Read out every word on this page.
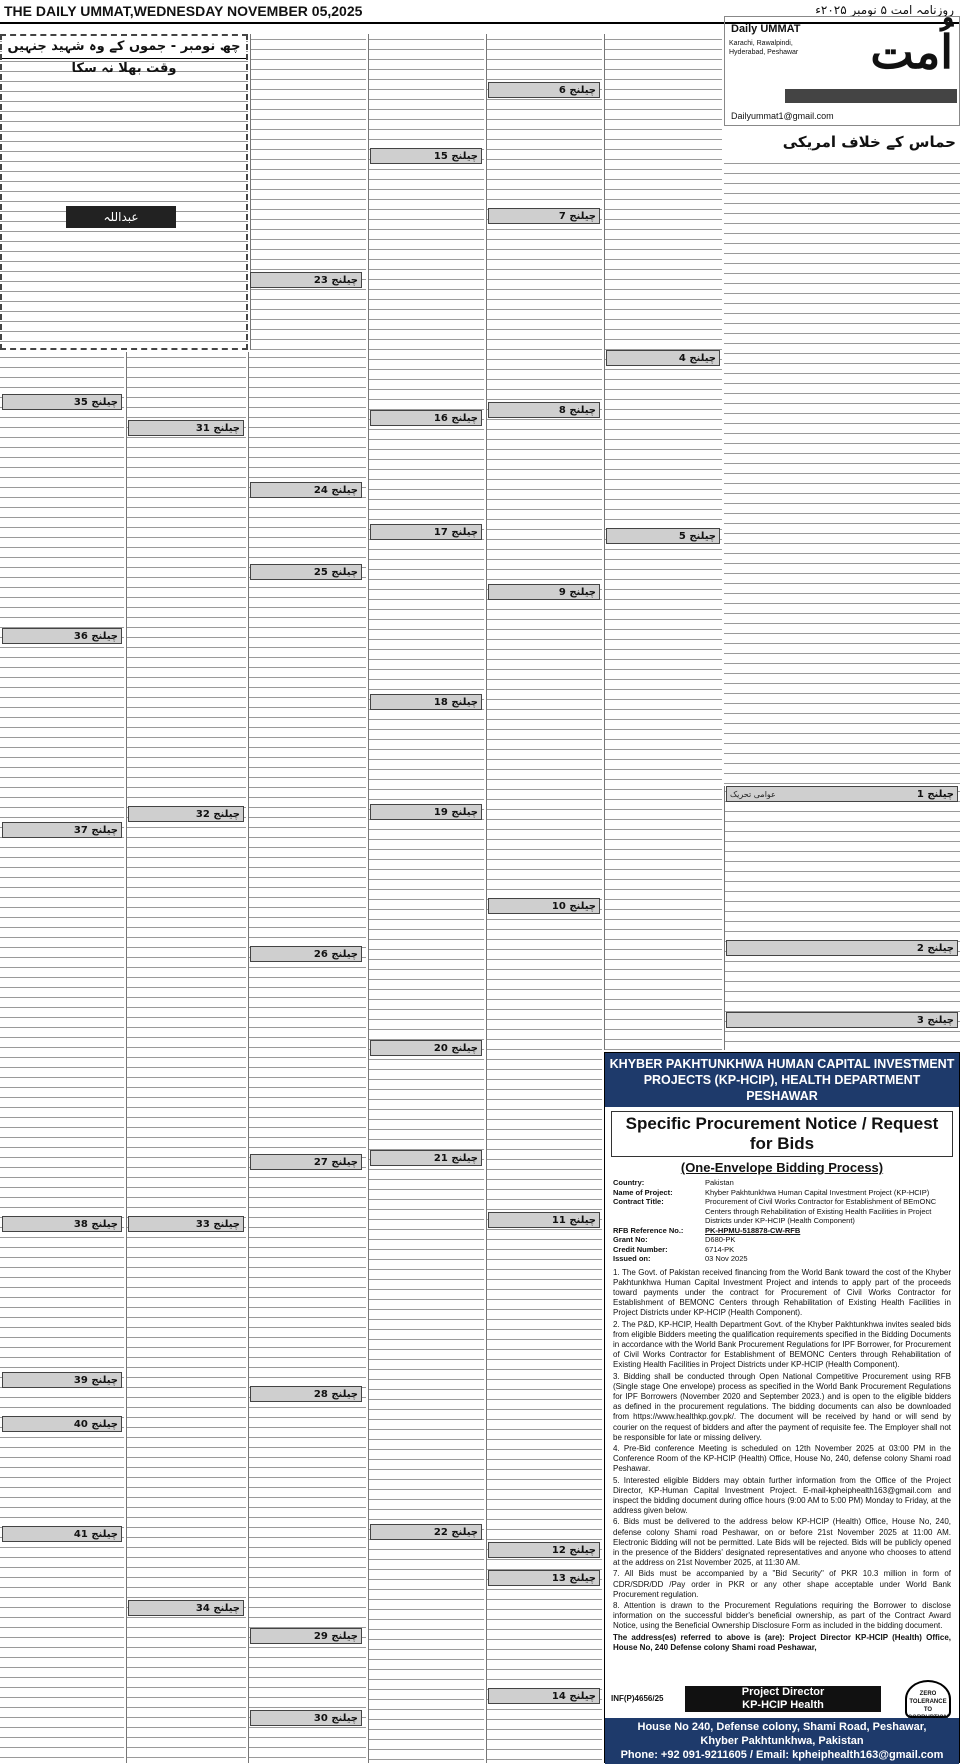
THE DAILY UMMAT,WEDNESDAY NOVEMBER 05,2025	روزنامہ امت ۵ نومبر ۲۰۲۵ء
Daily UMMAT
Karachi, Rawalpindi, Hyderabad, Peshawar اُمت
Dailyummat1@gmail.com
حماس کے خلاف امریکی
چھ نومبر - جموں کے وہ شہید جنہیں وقت بھلا نہ سکا
عبداللہ
چیلنج 1
عوامی تحریک
چیلنج 2
چیلنج 3
چیلنج 4
چیلنج 5
چیلنج 6
چیلنج 7
چیلنج 8
چیلنج 9
چیلنج 10
چیلنج 11
چیلنج 12
چیلنج 13
چیلنج 14
چیلنج 15
چیلنج 16
چیلنج 17
چیلنج 18
چیلنج 19
چیلنج 20
چیلنج 21
چیلنج 22
چیلنج 23
چیلنج 24
چیلنج 25
چیلنج 26
چیلنج 27
چیلنج 28
چیلنج 29
چیلنج 30
چیلنج 31
چیلنج 32
چیلنج 33
چیلنج 34
چیلنج 35
چیلنج 36
چیلنج 37
چیلنج 38
چیلنج 39
چیلنج 40
چیلنج 41
KHYBER PAKHTUNKHWA HUMAN CAPITAL INVESTMENT PROJECTS (KP-HCIP), HEALTH DEPARTMENT PESHAWAR
Specific Procurement Notice / Request for Bids
(One-Envelope Bidding Process)
Country:	Pakistan
Name of Project:	Khyber Pakhtunkhwa Human Capital Investment Project (KP-HCIP)
Contract Title:	Procurement of Civil Works Contractor for Establishment of BEmONC Centers through Rehabilitation of Existing Health Facilities in Project Districts under KP-HCIP (Health Component)
RFB Reference No.:	PK-HPMU-518878-CW-RFB
Grant No:	D680-PK
Credit Number:	6714-PK
Issued on:	03 Nov 2025

1. The Govt. of Pakistan received financing from the World Bank toward the cost of the Khyber Pakhtunkhwa Human Capital Investment Project and intends to apply part of the proceeds toward payments under the contract for Procurement of Civil Works Contractor for Establishment of BEMONC Centers through Rehabilitation of Existing Health Facilities in Project Districts under KP-HCIP (Health Component).

2. The P&D, KP-HCIP, Health Department Govt. of the Khyber Pakhtunkhwa invites sealed bids from eligible Bidders meeting the qualification requirements specified in the Bidding Documents in accordance with the World Bank Procurement Regulations for IPF Borrower, for Procurement of Civil Works Contractor for Establishment of BEMONC Centers through Rehabilitation of Existing Health Facilities in Project Districts under KP-HCIP (Health Component).

3. Bidding shall be conducted through Open National Competitive Procurement using RFB (Single stage One envelope) process as specified in the World Bank Procurement Regulations for IPF Borrowers (November 2020 and September 2023.) and is open to the eligible bidders as defined in the procurement regulations. The bidding documents can also be downloaded from https://www.healthkp.gov.pk/. The document will be received by hand or will send by courier on the request of bidders and after the payment of requisite fee. The Employer shall not be responsible for late or missing delivery.

4. Pre-Bid conference Meeting is scheduled on 12th November 2025 at 03:00 PM in the Conference Room of the KP-HCIP (Health) Office, House No, 240, defense colony Shami road Peshawar.

5. Interested eligible Bidders may obtain further information from the Office of the Project Director, KP-Human Capital Investment Project. E-mail-kpheiphealth163@gmail.com and inspect the bidding document during office hours (9:00 AM to 5:00 PM) Monday to Friday, at the address given below.

6. Bids must be delivered to the address below KP-HCIP (Health) Office, House No, 240, defense colony Shami road Peshawar, on or before 21st November 2025 at 11:00 AM. Electronic Bidding will not be permitted. Late Bids will be rejected. Bids will be publicly opened in the presence of the Bidders' designated representatives and anyone who chooses to attend at the address on 21st November 2025, at 11:30 AM.

7. All Bids must be accompanied by a "Bid Security" of PKR 10.3 million in form of CDR/SDR/DD /Pay order in PKR or any other shape acceptable under World Bank Procurement regulation.

8. Attention is drawn to the Procurement Regulations requiring the Borrower to disclose information on the successful bidder's beneficial ownership, as part of the Contract Award Notice, using the Beneficial Ownership Disclosure Form as included in the bidding document.

The address(es) referred to above is (are): Project Director KP-HCIP (Health) Office, House No, 240 Defense colony Shami road Peshawar,

INF(P)4656/25
Project Director
KP-HCIP Health
ZERO
TOLERANCE
TO
House No 240, Defense colony, Shami Road, Peshawar,
Khyber Pakhtunkhwa, Pakistan
Phone: +92 091-9211605 / Email: kpheiphealth163@gmail.com
